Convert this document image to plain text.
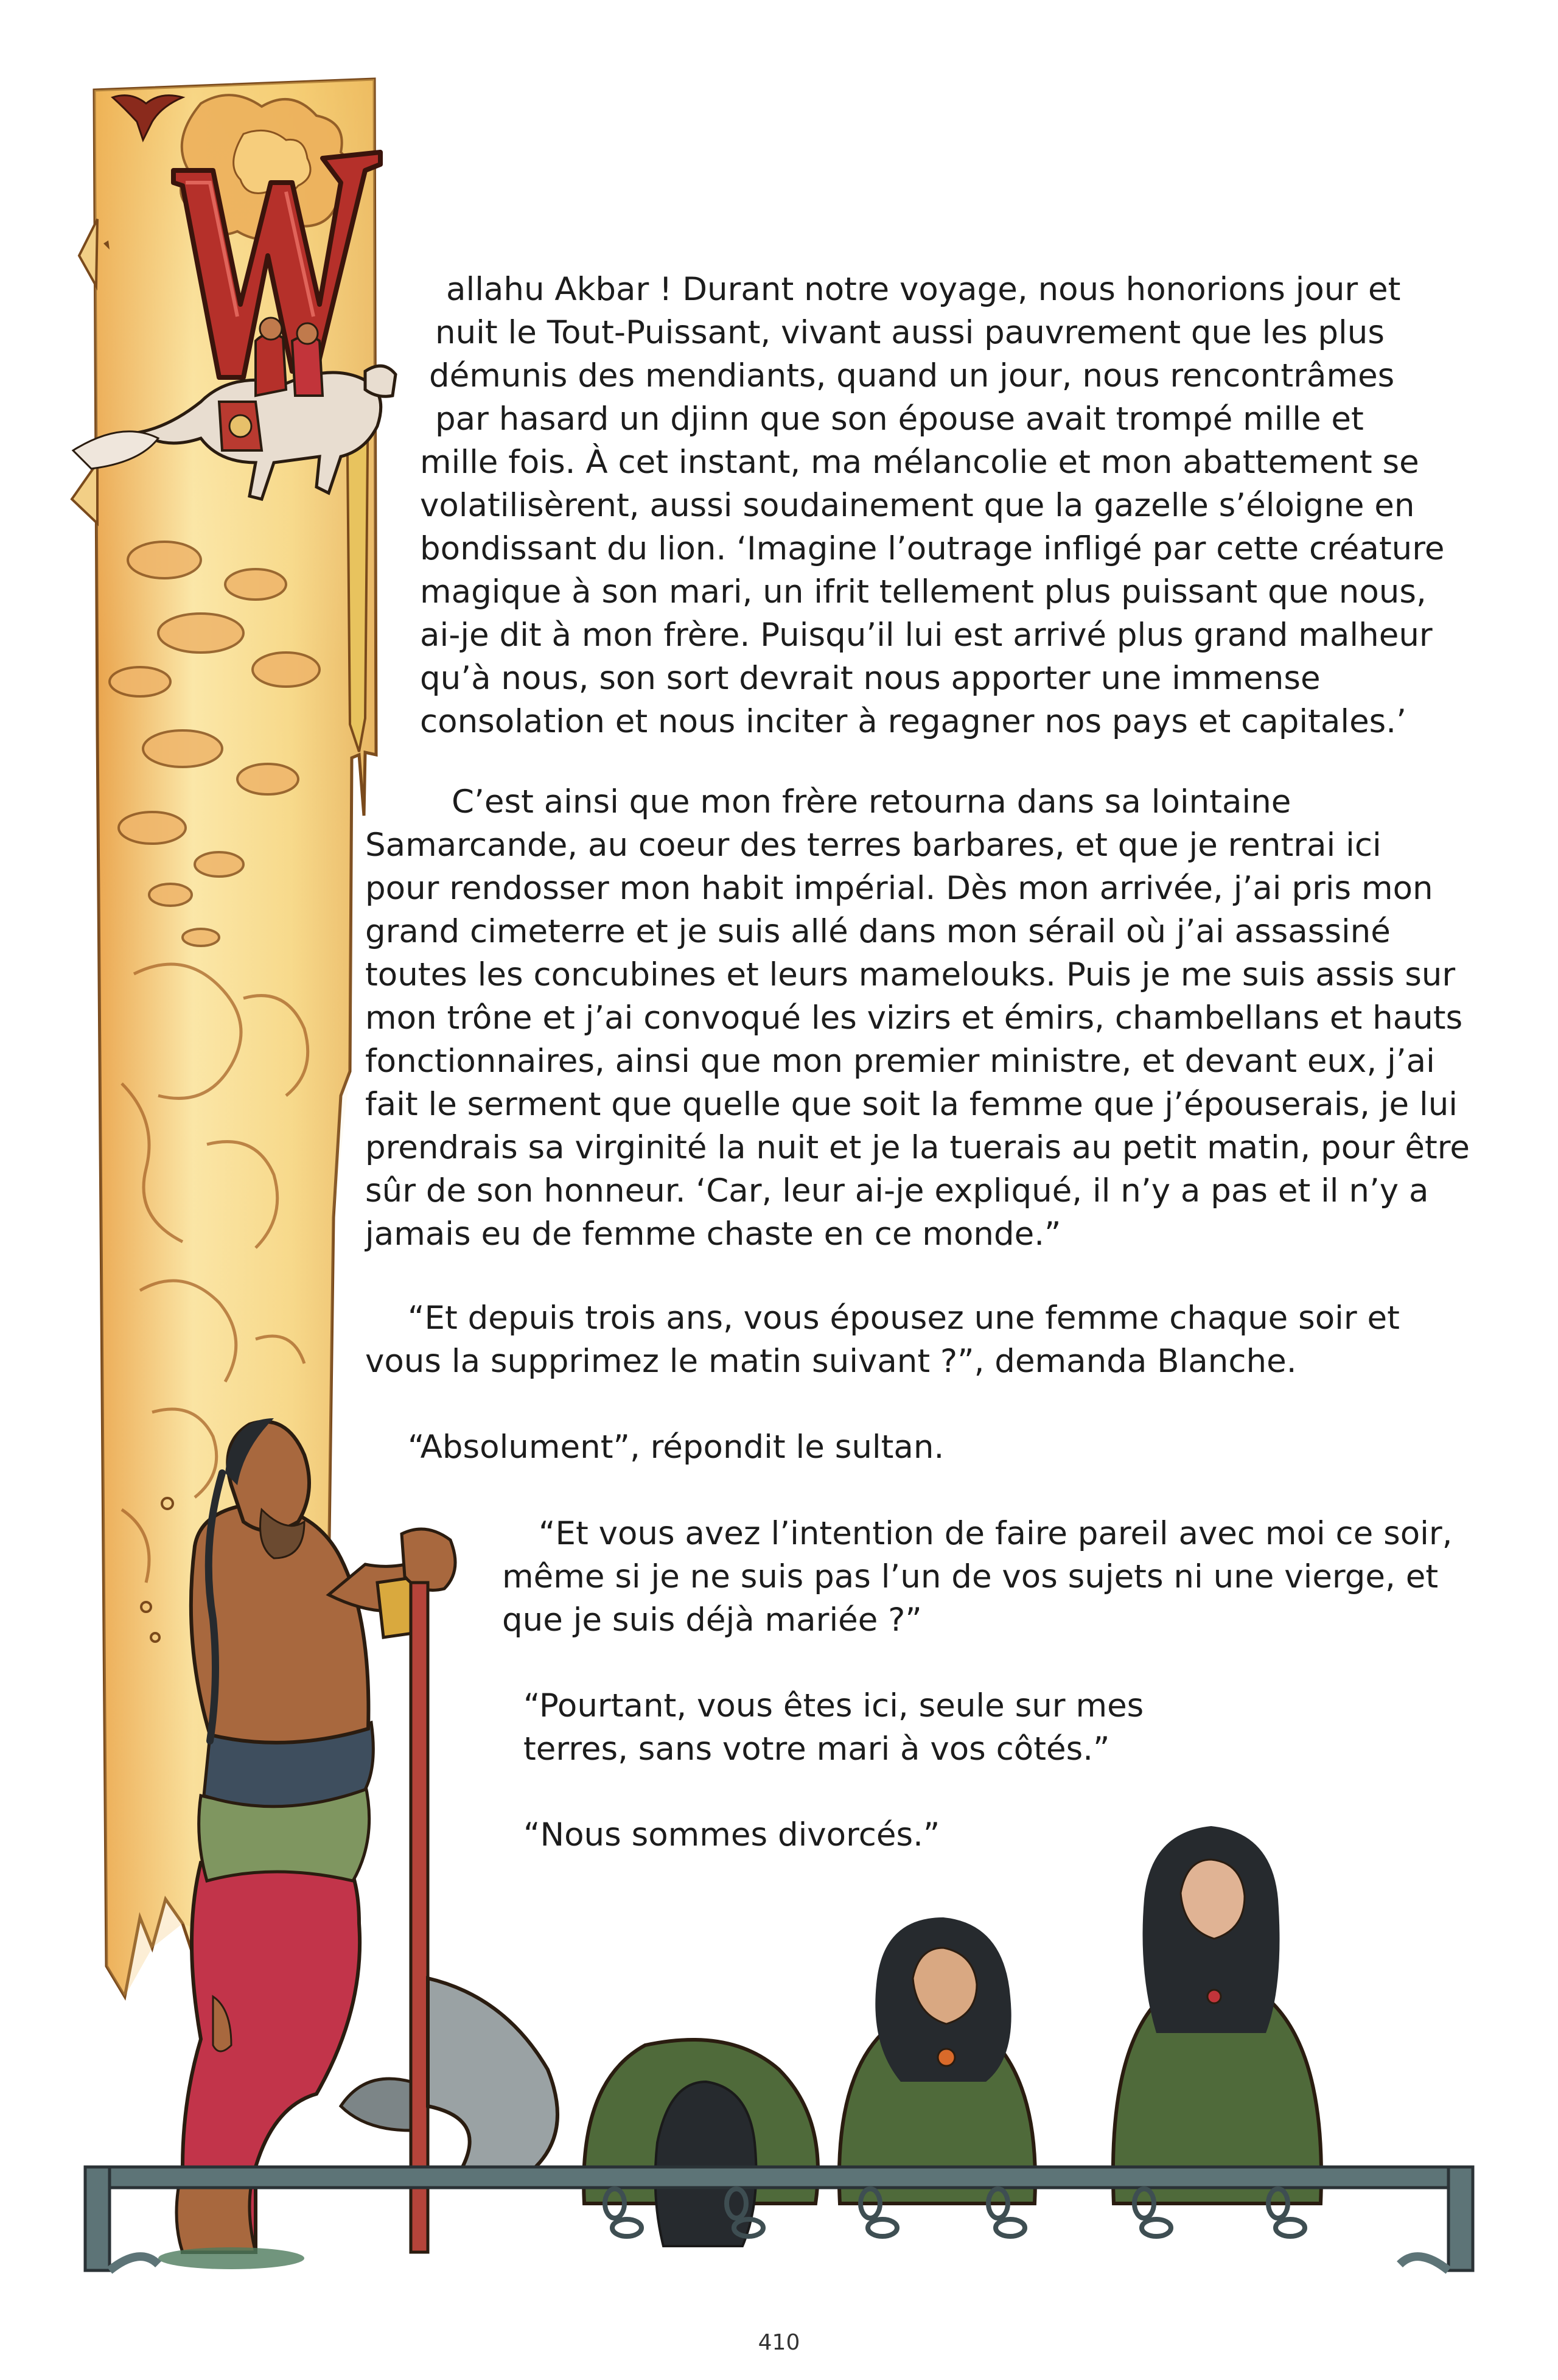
W

allahu Akbar ! Durant notre voyage, nous honorions jour et

nuit le Tout-Puissant, vivant aussi pauvrement que les plus
démunis des mendiants, quand un jour, nous rencontrâmes
par hasard un djinn que son épouse avait trompé mille et
mille fois. À cet instant, ma mélancolie et mon abattement se
volatilisèrent, aussi soudainement que la gazelle s’éloigne en
bondissant du lion. ‘Imagine l’outrage infligé par cette créature
magique à son mari, un ifrit tellement plus puissant que nous,
ai-je dit à mon frère. Puisqu’il lui est arrivé plus grand malheur
qu’à nous, son sort devrait nous apporter une immense
consolation et nous inciter à regagner nos pays et capitales.’
C’est ainsi que mon frère retourna dans sa lointaine
Samarcande, au coeur des terres barbares, et que je rentrai ici
pour rendosser mon habit impérial. Dès mon arrivée, j’ai pris mon
grand cimeterre et je suis allé dans mon sérail où j’ai assassiné
toutes les concubines et leurs mamelouks. Puis je me suis assis sur
mon trône et j’ai convoqué les vizirs et émirs, chambellans et hauts
fonctionnaires, ainsi que mon premier ministre, et devant eux, j’ai
fait le serment que quelle que soit la femme que j’épouserais, je lui
prendrais sa virginité la nuit et je la tuerais au petit matin, pour être
sûr de son honneur. ‘Car, leur ai-je expliqué, il n’y a pas et il n’y a
jamais eu de femme chaste en ce monde.”
“Et depuis trois ans, vous épousez une femme chaque soir et
vous la supprimez le matin suivant ?”, demanda Blanche.
“Absolument”, répondit le sultan.
“Et vous avez l’intention de faire pareil avec moi ce soir,
même si je ne suis pas l’un de vos sujets ni une vierge, et
que je suis déjà mariée ?”
“Pourtant, vous êtes ici, seule sur mes
terres, sans votre mari à vos côtés.”
“Nous sommes divorcés.”
410
